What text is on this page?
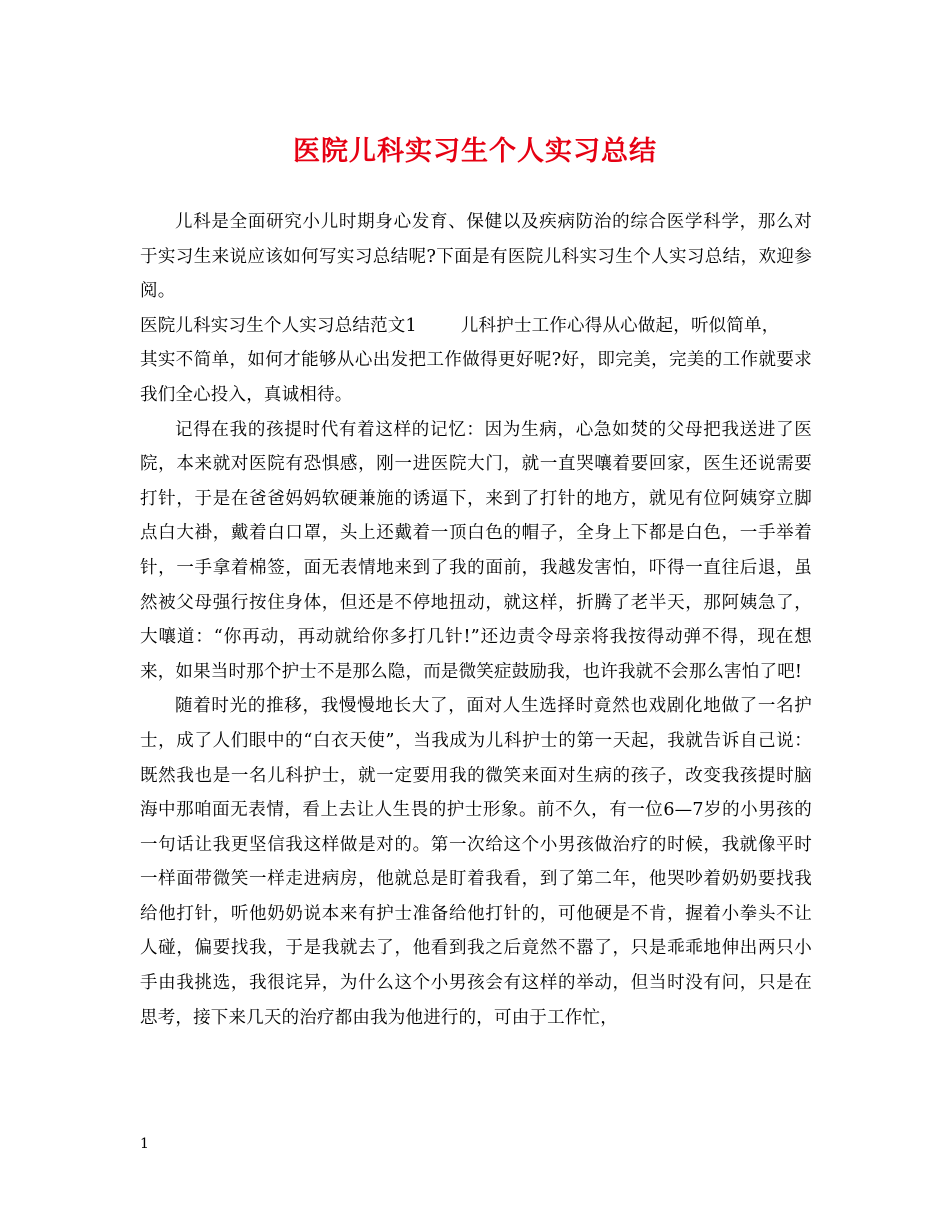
医院儿科实习生个人实习总结

儿科是全面研究小儿时期身心发育、保健以及疾病防治的综合医学科学，那么对于实习生来说应该如何写实习总结呢?下面是有医院儿科实习生个人实习总结，欢迎参阅。

医院儿科实习生个人实习总结范文1	儿科护士工作心得从心做起，听似简单，
其实不简单，如何才能够从心出发把工作做得更好呢?好，即完美，完美的工作就要求我们全心投入，真诚相待。

记得在我的孩提时代有着这样的记忆：因为生病，心急如焚的父母把我送进了医院，本来就对医院有恐惧感，刚一进医院大门，就一直哭嚷着要回家，医生还说需要打针，于是在爸爸妈妈软硬兼施的诱逼下，来到了打针的地方，就见有位阿姨穿立脚点白大褂，戴着白口罩，头上还戴着一顶白色的帽子，全身上下都是白色，一手举着针，一手拿着棉签，面无表情地来到了我的面前，我越发害怕，吓得一直往后退，虽然被父母强行按住身体，但还是不停地扭动，就这样，折腾了老半天，那阿姨急了，大嚷道：“你再动，再动就给你多打几针!”还边责令母亲将我按得动弹不得，现在想来，如果当时那个护士不是那么隐，而是微笑症鼓励我，也许我就不会那么害怕了吧!

随着时光的推移，我慢慢地长大了，面对人生选择时竟然也戏剧化地做了一名护士，成了人们眼中的“白衣天使”，当我成为儿科护士的第一天起，我就告诉自己说：既然我也是一名儿科护士，就一定要用我的微笑来面对生病的孩子，改变我孩提时脑海中那咱面无表情，看上去让人生畏的护士形象。前不久，有一位6—7岁的小男孩的一句话让我更坚信我这样做是对的。第一次给这个小男孩做治疗的时候，我就像平时一样面带微笑一样走进病房，他就总是盯着我看，到了第二年，他哭吵着奶奶要找我给他打针，听他奶奶说本来有护士准备给他打针的，可他硬是不肯，握着小拳头不让人碰，偏要找我，于是我就去了，他看到我之后竟然不嚣了，只是乖乖地伸出两只小手由我挑选，我很诧异，为什么这个小男孩会有这样的举动，但当时没有问，只是在思考，接下来几天的治疗都由我为他进行的，可由于工作忙，

1
